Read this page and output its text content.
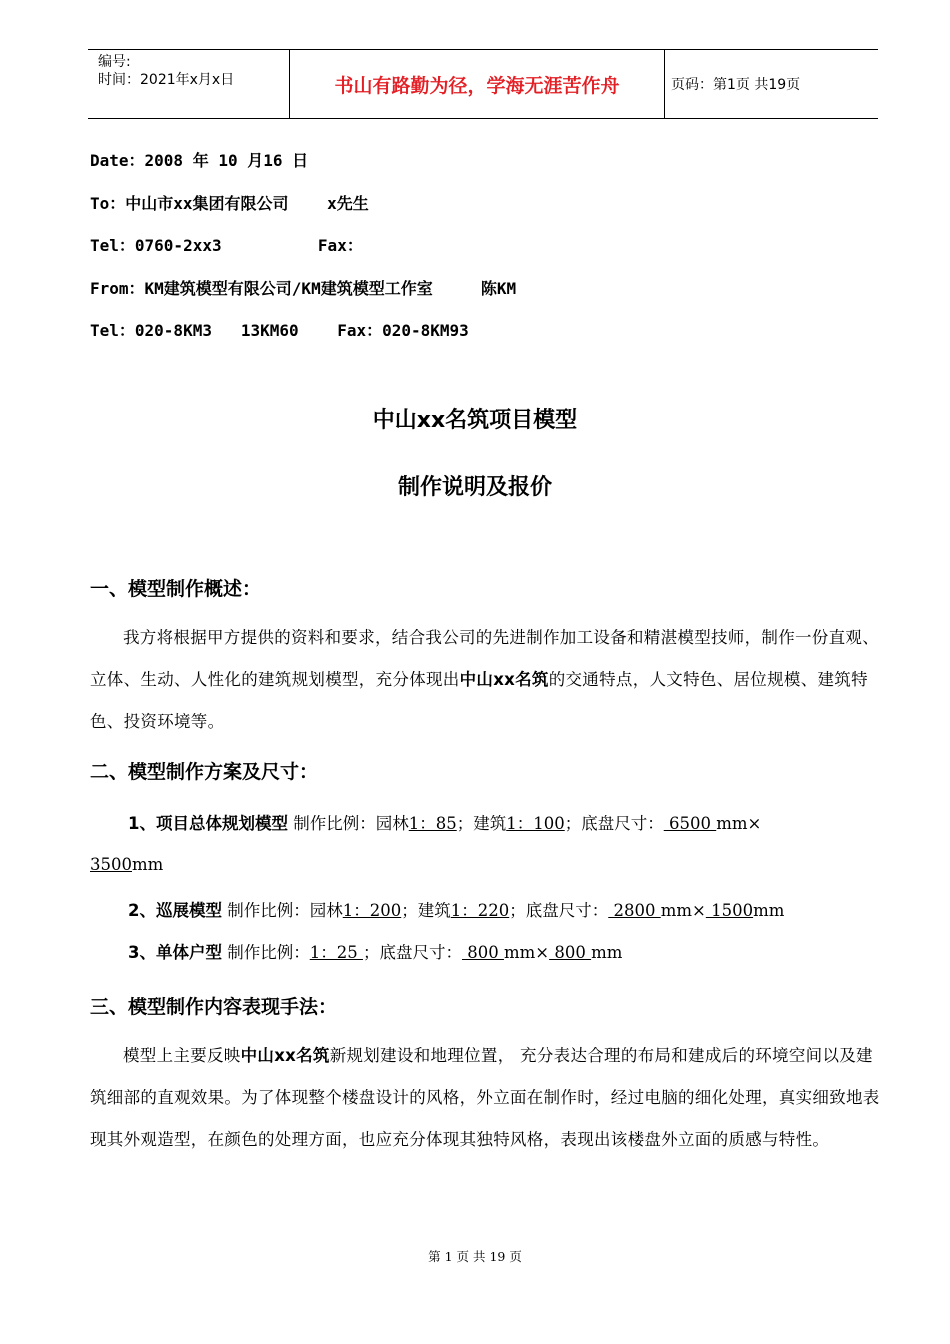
编号:
时间：2021年x月x日	书山有路勤为径，学海无涯苦作舟	页码：第1页 共19页
Date：2008 年 10 月16 日
To：中山市xx集团有限公司    x先生
Tel：0760-2xx3          Fax：
From：KM建筑模型有限公司/KM建筑模型工作室     陈KM
Tel：020-8KM3   13KM60    Fax：020-8KM93
中山xx名筑项目模型
制作说明及报价
一、模型制作概述：
我方将根据甲方提供的资料和要求，结合我公司的先进制作加工设备和精湛模型技师，制作一份直观、立体、生动、人性化的建筑规划模型，充分体现出中山xx名筑的交通特点，人文特色、居位规模、建筑特色、投资环境等。
二、模型制作方案及尺寸：
1、项目总体规划模型 制作比例：园林1：85；建筑1：100；底盘尺寸： 6500 mm×
3500mm
2、巡展模型 制作比例：园林1：200；建筑1：220；底盘尺寸： 2800 mm× 1500mm
3、单体户型 制作比例：1：25 ；底盘尺寸： 800 mm× 800 mm
三、模型制作内容表现手法：
模型上主要反映中山xx名筑新规划建设和地理位置， 充分表达合理的布局和建成后的环境空间以及建筑细部的直观效果。为了体现整个楼盘设计的风格，外立面在制作时，经过电脑的细化处理，真实细致地表现其外观造型，在颜色的处理方面，也应充分体现其独特风格，表现出该楼盘外立面的质感与特性。
第 1 页 共 19 页
